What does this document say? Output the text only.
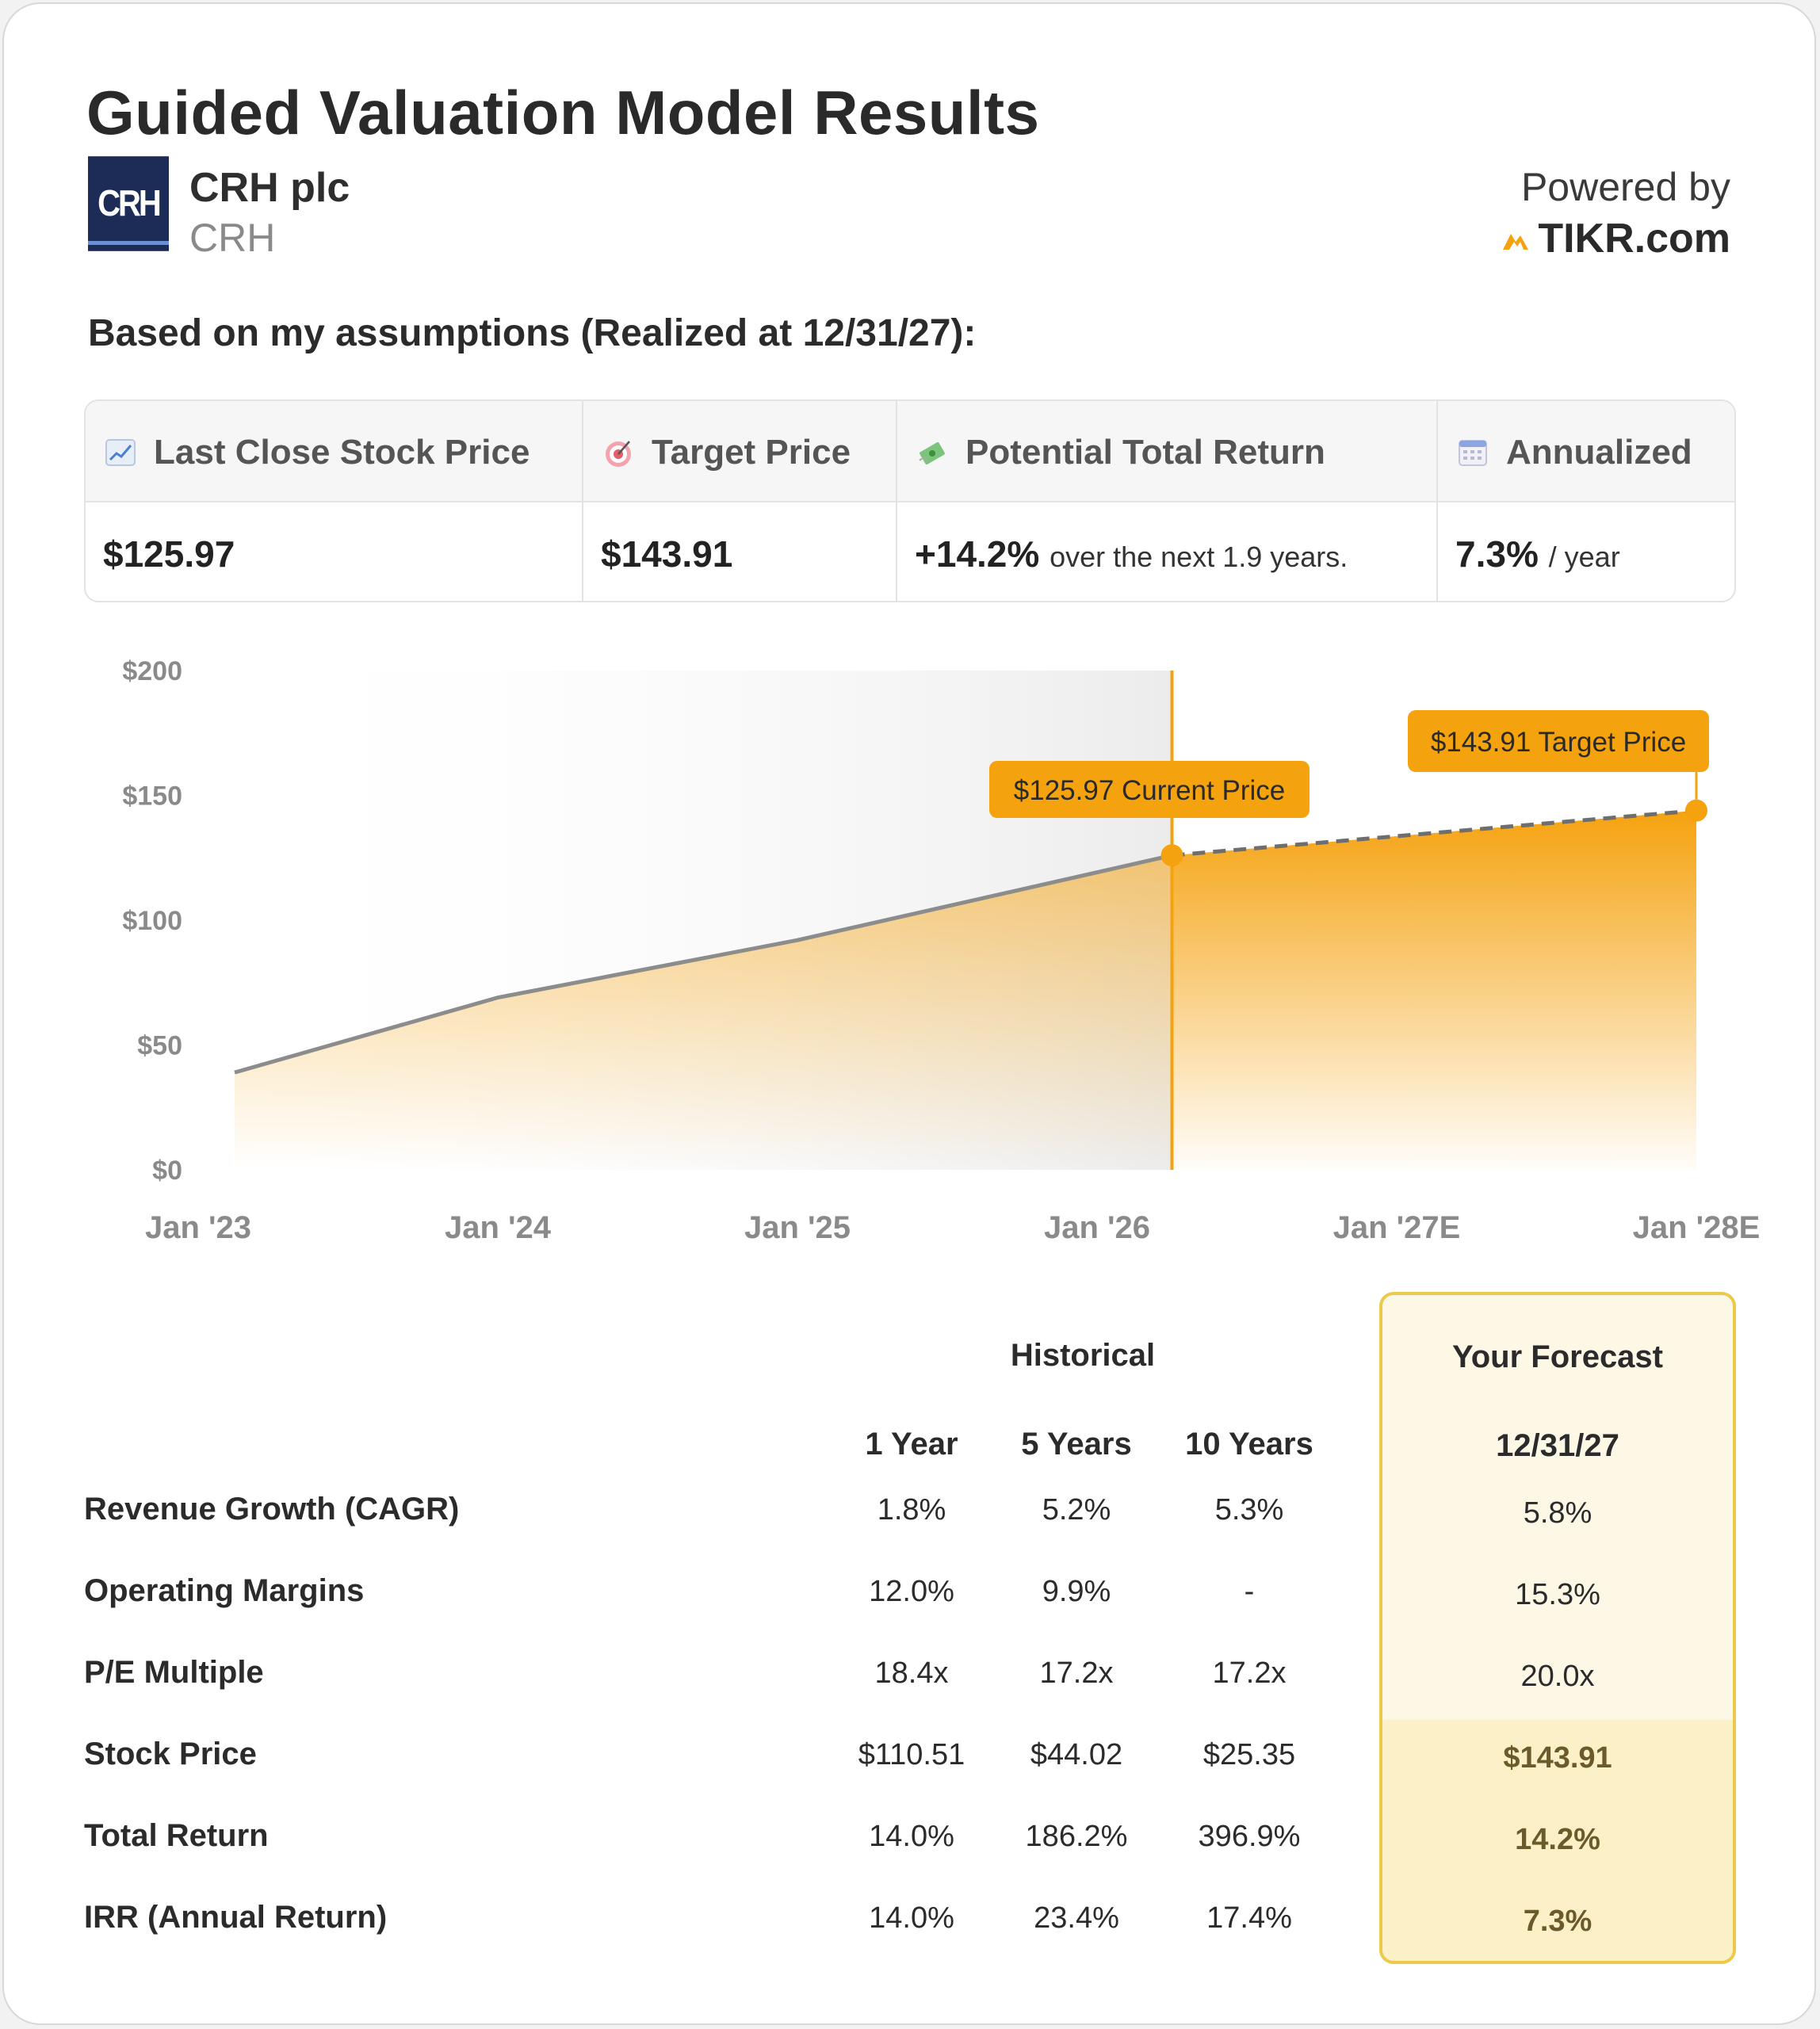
Guided Valuation Model Results
CRH CRH plc
CRH
Powered by
TIKR.com
Based on my assumptions (Realized at 12/31/27):
Last Close Stock Price
$125.97
Target Price
$143.91
Potential Total Return
+14.2% over the next 1.9 years.
Annualized
7.3% / year
$0
$50
$100
$150
$200
Jan '23	Jan '24	Jan '25	Jan '26	Jan '27E	Jan '28E
$125.97 Current Price
$143.91 Target Price
Historical	Your Forecast
1 Year	5 Years	10 Years	12/31/27
Revenue Growth (CAGR)	1.8%	5.2%	5.3%	5.8%
Operating Margins	12.0%	9.9%	-	15.3%
P/E Multiple	18.4x	17.2x	17.2x	20.0x
Stock Price	$110.51	$44.02	$25.35	$143.91
Total Return	14.0%	186.2%	396.9%	14.2%
IRR (Annual Return)	14.0%	23.4%	17.4%	7.3%
